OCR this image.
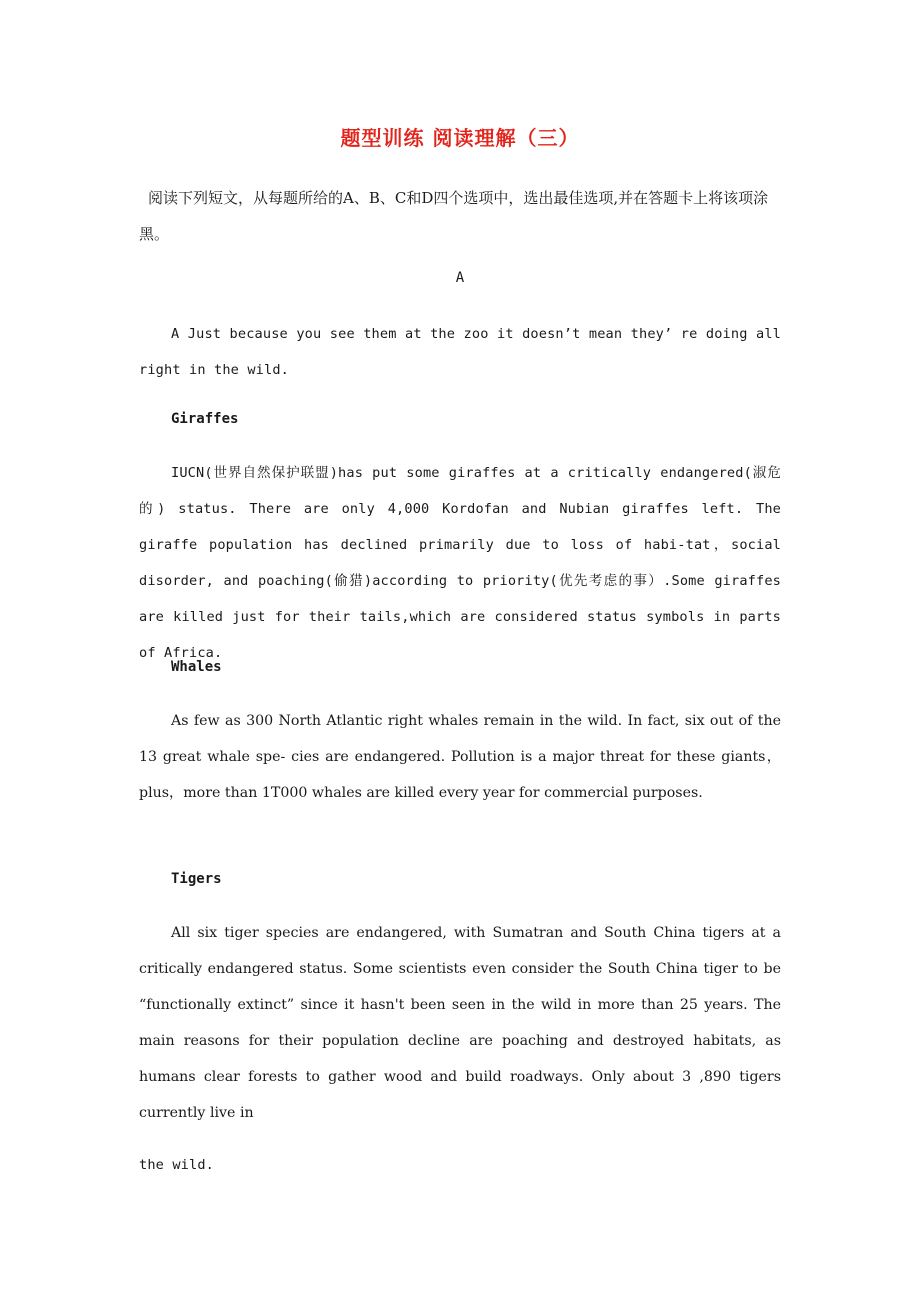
题型训练 阅读理解（三）
阅读下列短文，从每题所给的A、B、C和D四个选项中，选出最佳选项,并在答题卡上将该项涂黑。
A
A Just because you see them at the zoo it doesn’t mean they’ re doing all right in the wild.
Giraffes
IUCN(世界自然保护联盟)has put some giraffes at a critically endangered(淑危的) status. There are only 4,000 Kordofan and Nubian giraffes left. The giraffe population has declined primarily due to loss of habi-tat，social disorder, and poaching(偷猎)according to priority(优先考虑的事）.Some giraffes are killed just for their tails,which are considered status symbols in parts of Africa.
Whales
As few as 300 North Atlantic right whales remain in the wild. In fact, six out of the 13 great whale spe- cies are endangered. Pollution is a major threat for these giants，plus，more than 1T000 whales are killed every year for commercial purposes.
Tigers
All six tiger species are endangered, with Sumatran and South China tigers at a critically endangered status. Some scientists even consider the South China tiger to be “functionally extinct” since it hasn't been seen in the wild in more than 25 years. The main reasons for their population decline are poaching and destroyed habitats, as humans clear forests to gather wood and build roadways. Only about 3 ,890 tigers currently live in
the wild.
